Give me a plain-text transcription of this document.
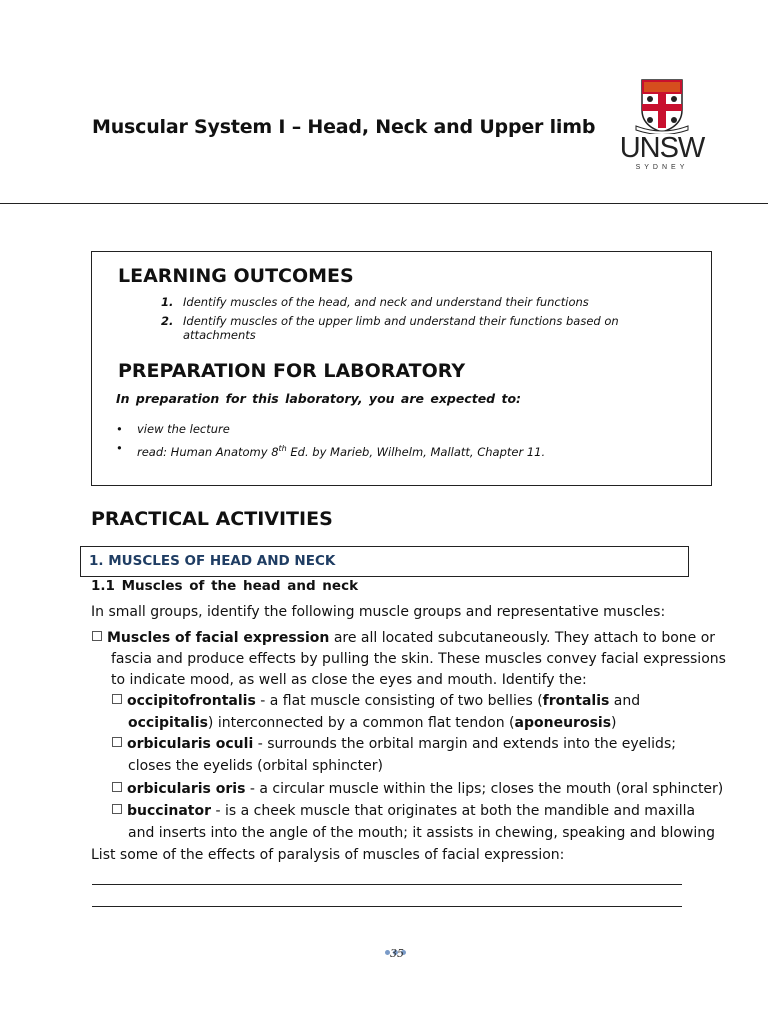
Muscular System I – Head, Neck and Upper limb
UNSW
SYDNEY
LEARNING OUTCOMES
1. Identify muscles of the head, and neck and understand their functions
2. Identify muscles of the upper limb and understand their functions based on attachments
PREPARATION FOR LABORATORY
In preparation for this laboratory, you are expected to:
• view the lecture
• read: Human Anatomy 8th Ed. by Marieb, Wilhelm, Mallatt, Chapter 11.
PRACTICAL ACTIVITIES
1. MUSCLES OF HEAD AND NECK
1.1 Muscles of the head and neck
In small groups, identify the following muscle groups and representative muscles:
Muscles of facial expression are all located subcutaneously. They attach to bone or
fascia and produce effects by pulling the skin. These muscles convey facial expressions
to indicate mood, as well as close the eyes and mouth. Identify the:
occipitofrontalis - a flat muscle consisting of two bellies (frontalis and
occipitalis) interconnected by a common flat tendon (aponeurosis)
orbicularis oculi - surrounds the orbital margin and extends into the eyelids;
closes the eyelids (orbital sphincter)
orbicularis oris - a circular muscle within the lips; closes the mouth (oral sphincter)
buccinator - is a cheek muscle that originates at both the mandible and maxilla
and inserts into the angle of the mouth; it assists in chewing, speaking and blowing
List some of the effects of paralysis of muscles of facial expression:
35
